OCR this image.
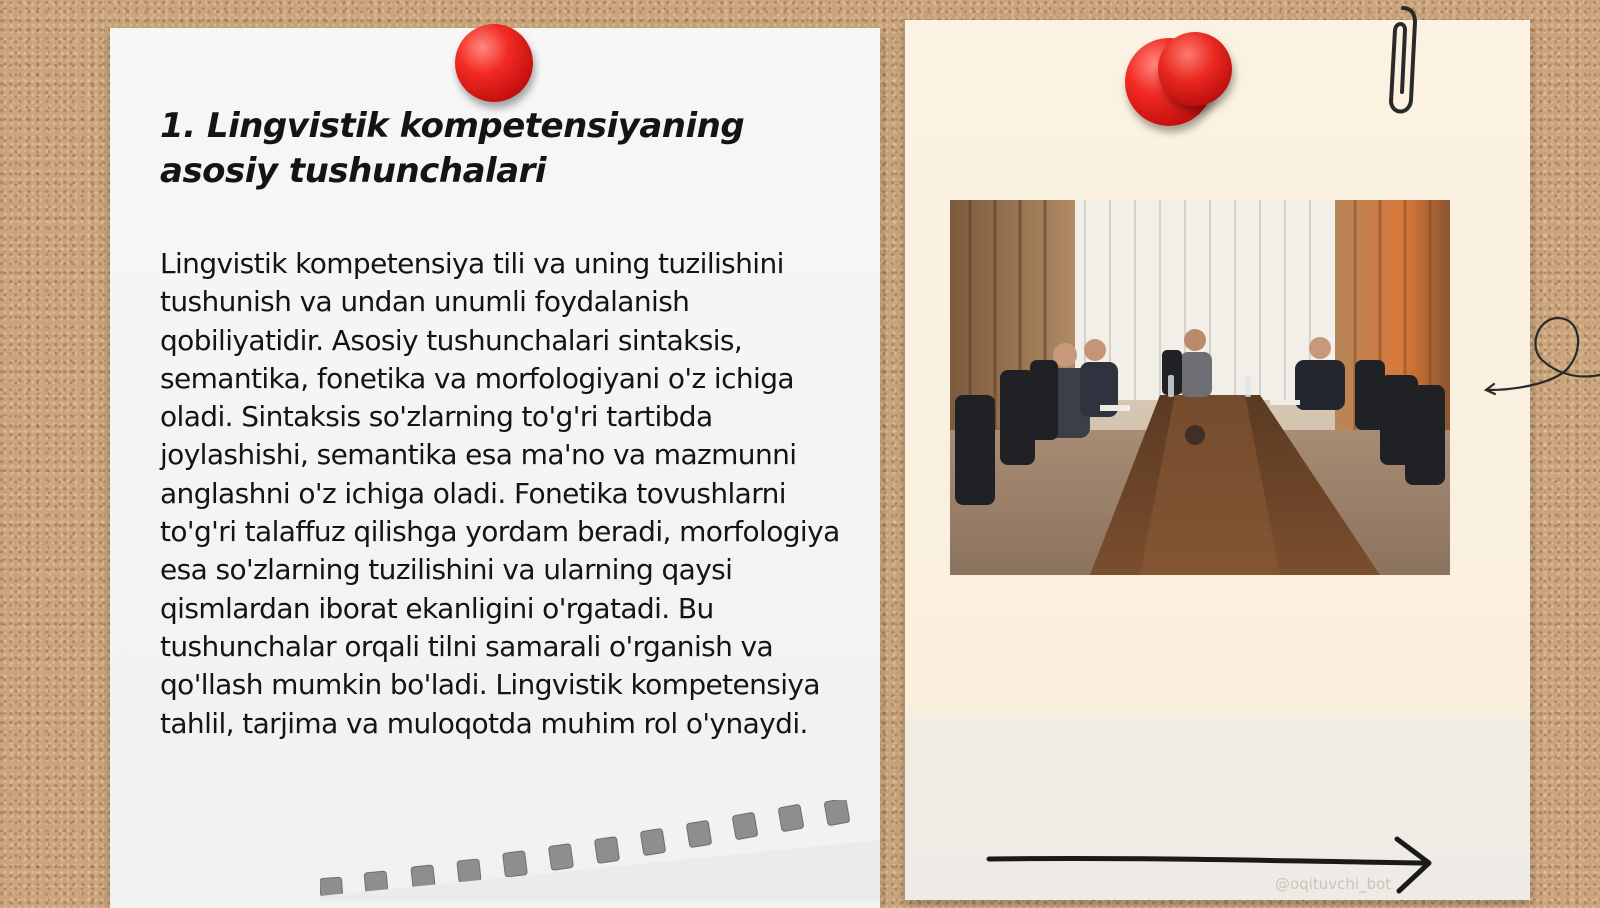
1. Lingvistik kompetensiyaning asosiy tushunchalari

Lingvistik kompetensiya tili va uning tuzilishini tushunish va undan unumli foydalanish qobiliyatidir. Asosiy tushunchalari sintaksis, semantika, fonetika va morfologiyani o'z ichiga oladi. Sintaksis so'zlarning to'g'ri tartibda joylashishi, semantika esa ma'no va mazmunni anglashni o'z ichiga oladi. Fonetika tovushlarni to'g'ri talaffuz qilishga yordam beradi, morfologiya esa so'zlarning tuzilishini va ularning qaysi qismlardan iborat ekanligini o'rgatadi. Bu tushunchalar orqali tilni samarali o'rganish va qo'llash mumkin bo'ladi. Lingvistik kompetensiya tahlil, tarjima va muloqotda muhim rol o'ynaydi.

@oqituvchi_bot
